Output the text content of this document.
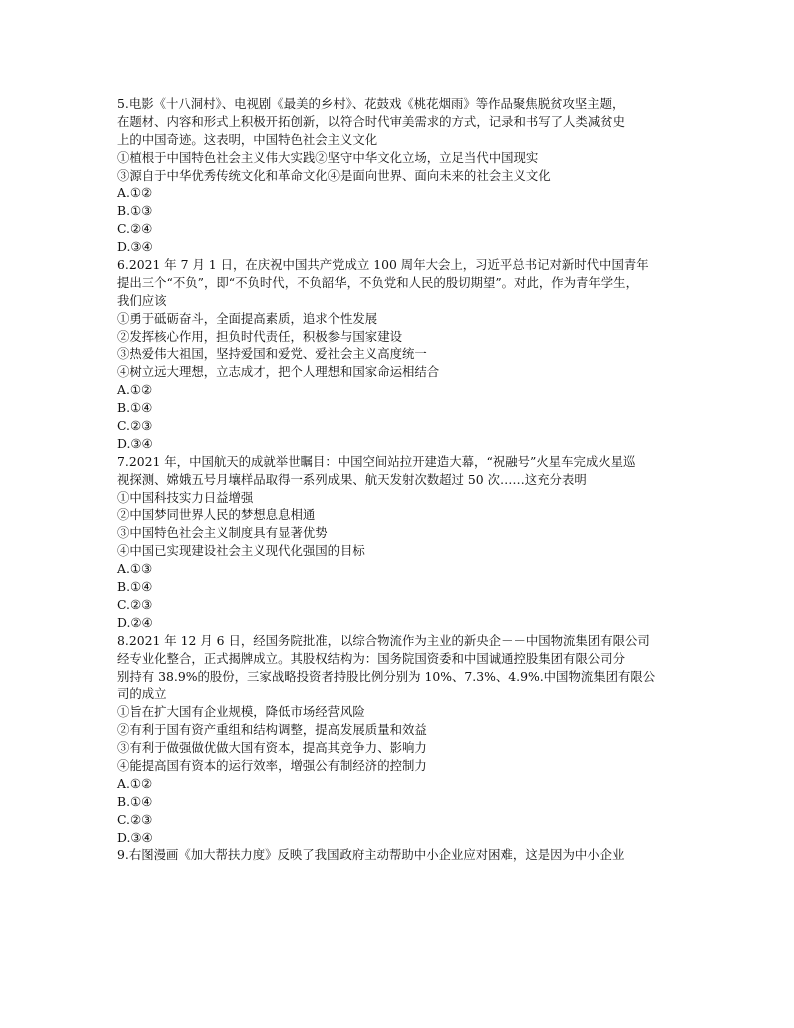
5.电影《十八洞村》、电视剧《最美的乡村》、花鼓戏《桃花烟雨》等作品聚焦脱贫攻坚主题，
在题材、内容和形式上积极开拓创新，以符合时代审美需求的方式，记录和书写了人类减贫史
上的中国奇迹。这表明，中国特色社会主义文化
①植根于中国特色社会主义伟大实践②坚守中华文化立场，立足当代中国现实
③源自于中华优秀传统文化和革命文化④是面向世界、面向未来的社会主义文化
A.①②
B.①③
C.②④
D.③④
6.2021 年 7 月 1 日，在庆祝中国共产党成立 100 周年大会上，习近平总书记对新时代中国青年
提出三个“不负”，即“不负时代，不负韶华，不负党和人民的殷切期望”。对此，作为青年学生，
我们应该
①勇于砥砺奋斗，全面提高素质，追求个性发展
②发挥核心作用，担负时代责任，积极参与国家建设
③热爱伟大祖国，坚持爱国和爱党、爱社会主义高度统一
④树立远大理想，立志成才，把个人理想和国家命运相结合
A.①②
B.①④
C.②③
D.③④
7.2021 年，中国航天的成就举世瞩目：中国空间站拉开建造大幕，“祝融号”火星车完成火星巡
视探测、嫦娥五号月壤样品取得一系列成果、航天发射次数超过 50 次……这充分表明
①中国科技实力日益增强
②中国梦同世界人民的梦想息息相通
③中国特色社会主义制度具有显著优势
④中国已实现建设社会主义现代化强国的目标
A.①③
B.①④
C.②③
D.②④
8.2021 年 12 月 6 日，经国务院批准，以综合物流作为主业的新央企－－中国物流集团有限公司
经专业化整合，正式揭牌成立。其股权结构为：国务院国资委和中国诚通控股集团有限公司分
别持有 38.9%的股份，三家战略投资者持股比例分别为 10%、7.3%、4.9%.中国物流集团有限公
司的成立
①旨在扩大国有企业规模，降低市场经营风险
②有利于国有资产重组和结构调整，提高发展质量和效益
③有利于做强做优做大国有资本，提高其竞争力、影响力
④能提高国有资本的运行效率，增强公有制经济的控制力
A.①②
B.①④
C.②③
D.③④
9.右图漫画《加大帮扶力度》反映了我国政府主动帮助中小企业应对困难，这是因为中小企业
